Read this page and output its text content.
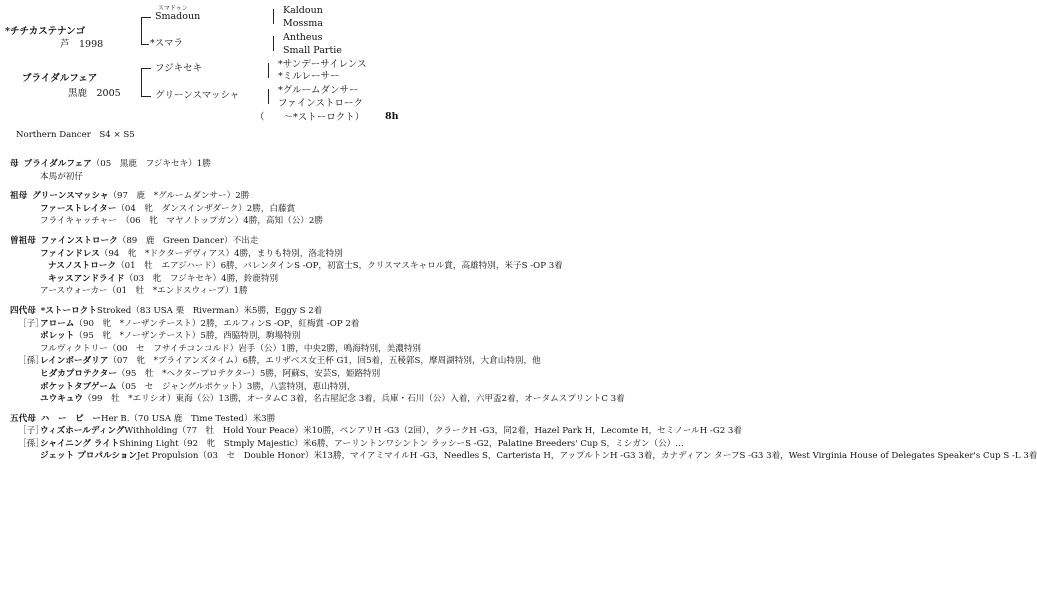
*チチカステナンゴ
芦　1998
スマドゥン
Smadoun
*スマラ
Kaldoun
Mossma
Antheus
Small Partie
ブライダルフェア
黒鹿　2005
フジキセキ
グリーンスマッシャ
*サンデーサイレンス
*ミルレーサー
*グルームダンサー
ファインストローク
（　　～*ストーロクト） 8h
Northern Dancer　S4 × S5
母 ブライダルフェア（05　黒鹿　フジキセキ）1勝
本馬が初仔
祖母 グリーンスマッシャ（97　鹿　*グルームダンサー）2勝
ファーストレイター（04　牝　ダンスインザダーク）2勝，白藤賞
フライキャッチャー　（06　牝　マヤノトップガン）4勝，高知（公）2勝
曽祖母 ファインストローク（89　鹿　Green Dancer）不出走
ファインドレス（94　牝　*ドクターデヴィアス）4勝，まりも特別，洛北特別
ナスノストローク（01　牡　エアジハード）6勝，バレンタインS -OP，初富士S，クリスマスキャロル賞，高雄特別，米子S -OP 3着
キッスアンドライド（03　牝　フジキセキ）4勝，鈴鹿特別
アースウォーカー（01　牡　*エンドスウィープ）1勝
四代母 *ストーロクトStroked（83 USA 栗　Riverman）米5勝，Eggy S 2着
［子］アローム（90　牝　*ノーザンテースト）2勝，エルフィンS -OP，紅梅賞 -OP 2着
ポレット（95　牝　*ノーザンテースト）5勝，西脇特別，駒場特別
フルヴィクトリー（00　セ　フサイチコンコルド）岩手（公）1勝，中央2勝，鳴海特別，美濃特別
［孫］レインボーダリア（07　牝　*ブライアンズタイム）6勝，エリザベス女王杯 G1，回5着，五稜郭S，摩周湖特別，大倉山特別，他
ヒダカプロテクター（95　牡　*ヘクタープロテクター）5勝，阿蘇S，安芸S，姫路特別
ボケットタブゲーム（05　セ　ジャングルポケット）3勝，八雲特別，恵山特別，
ユウキュウ（99　牡　*エリシオ）東海（公）13勝，オータムC 3着，名古屋記念 3着，兵庫・石川（公）入着，六甲盃2着，オータムスプリントC 3着
五代母 ハ　ー　ビ　ーHer B.（70 USA 鹿　Time Tested）米3勝
［子］ウィズホールディングWithholding（77　牡　Hold Your Peace）米10勝，ペンアリH -G3（2回），クラークH -G3，同2着，Hazel Park H，Lecomte H，セミノールH -G2 3着
［孫］シャイニング ライトShining Light（92　牝　Stmply Majestic）米6勝，アーリントンワシントン ラッシーS -G2，Palatine Breeders' Cup S，ミシガン（公）…
ジェット プロパルションJet Propulsion（03　セ　Double Honor）米13勝，マイアミマイルH -G3，Needles S，Carterista H，アップルトンH -G3 3着，カナディアン ターフS -G3 3着，West Virginia House of Delegates Speaker's Cup S -L 3着
